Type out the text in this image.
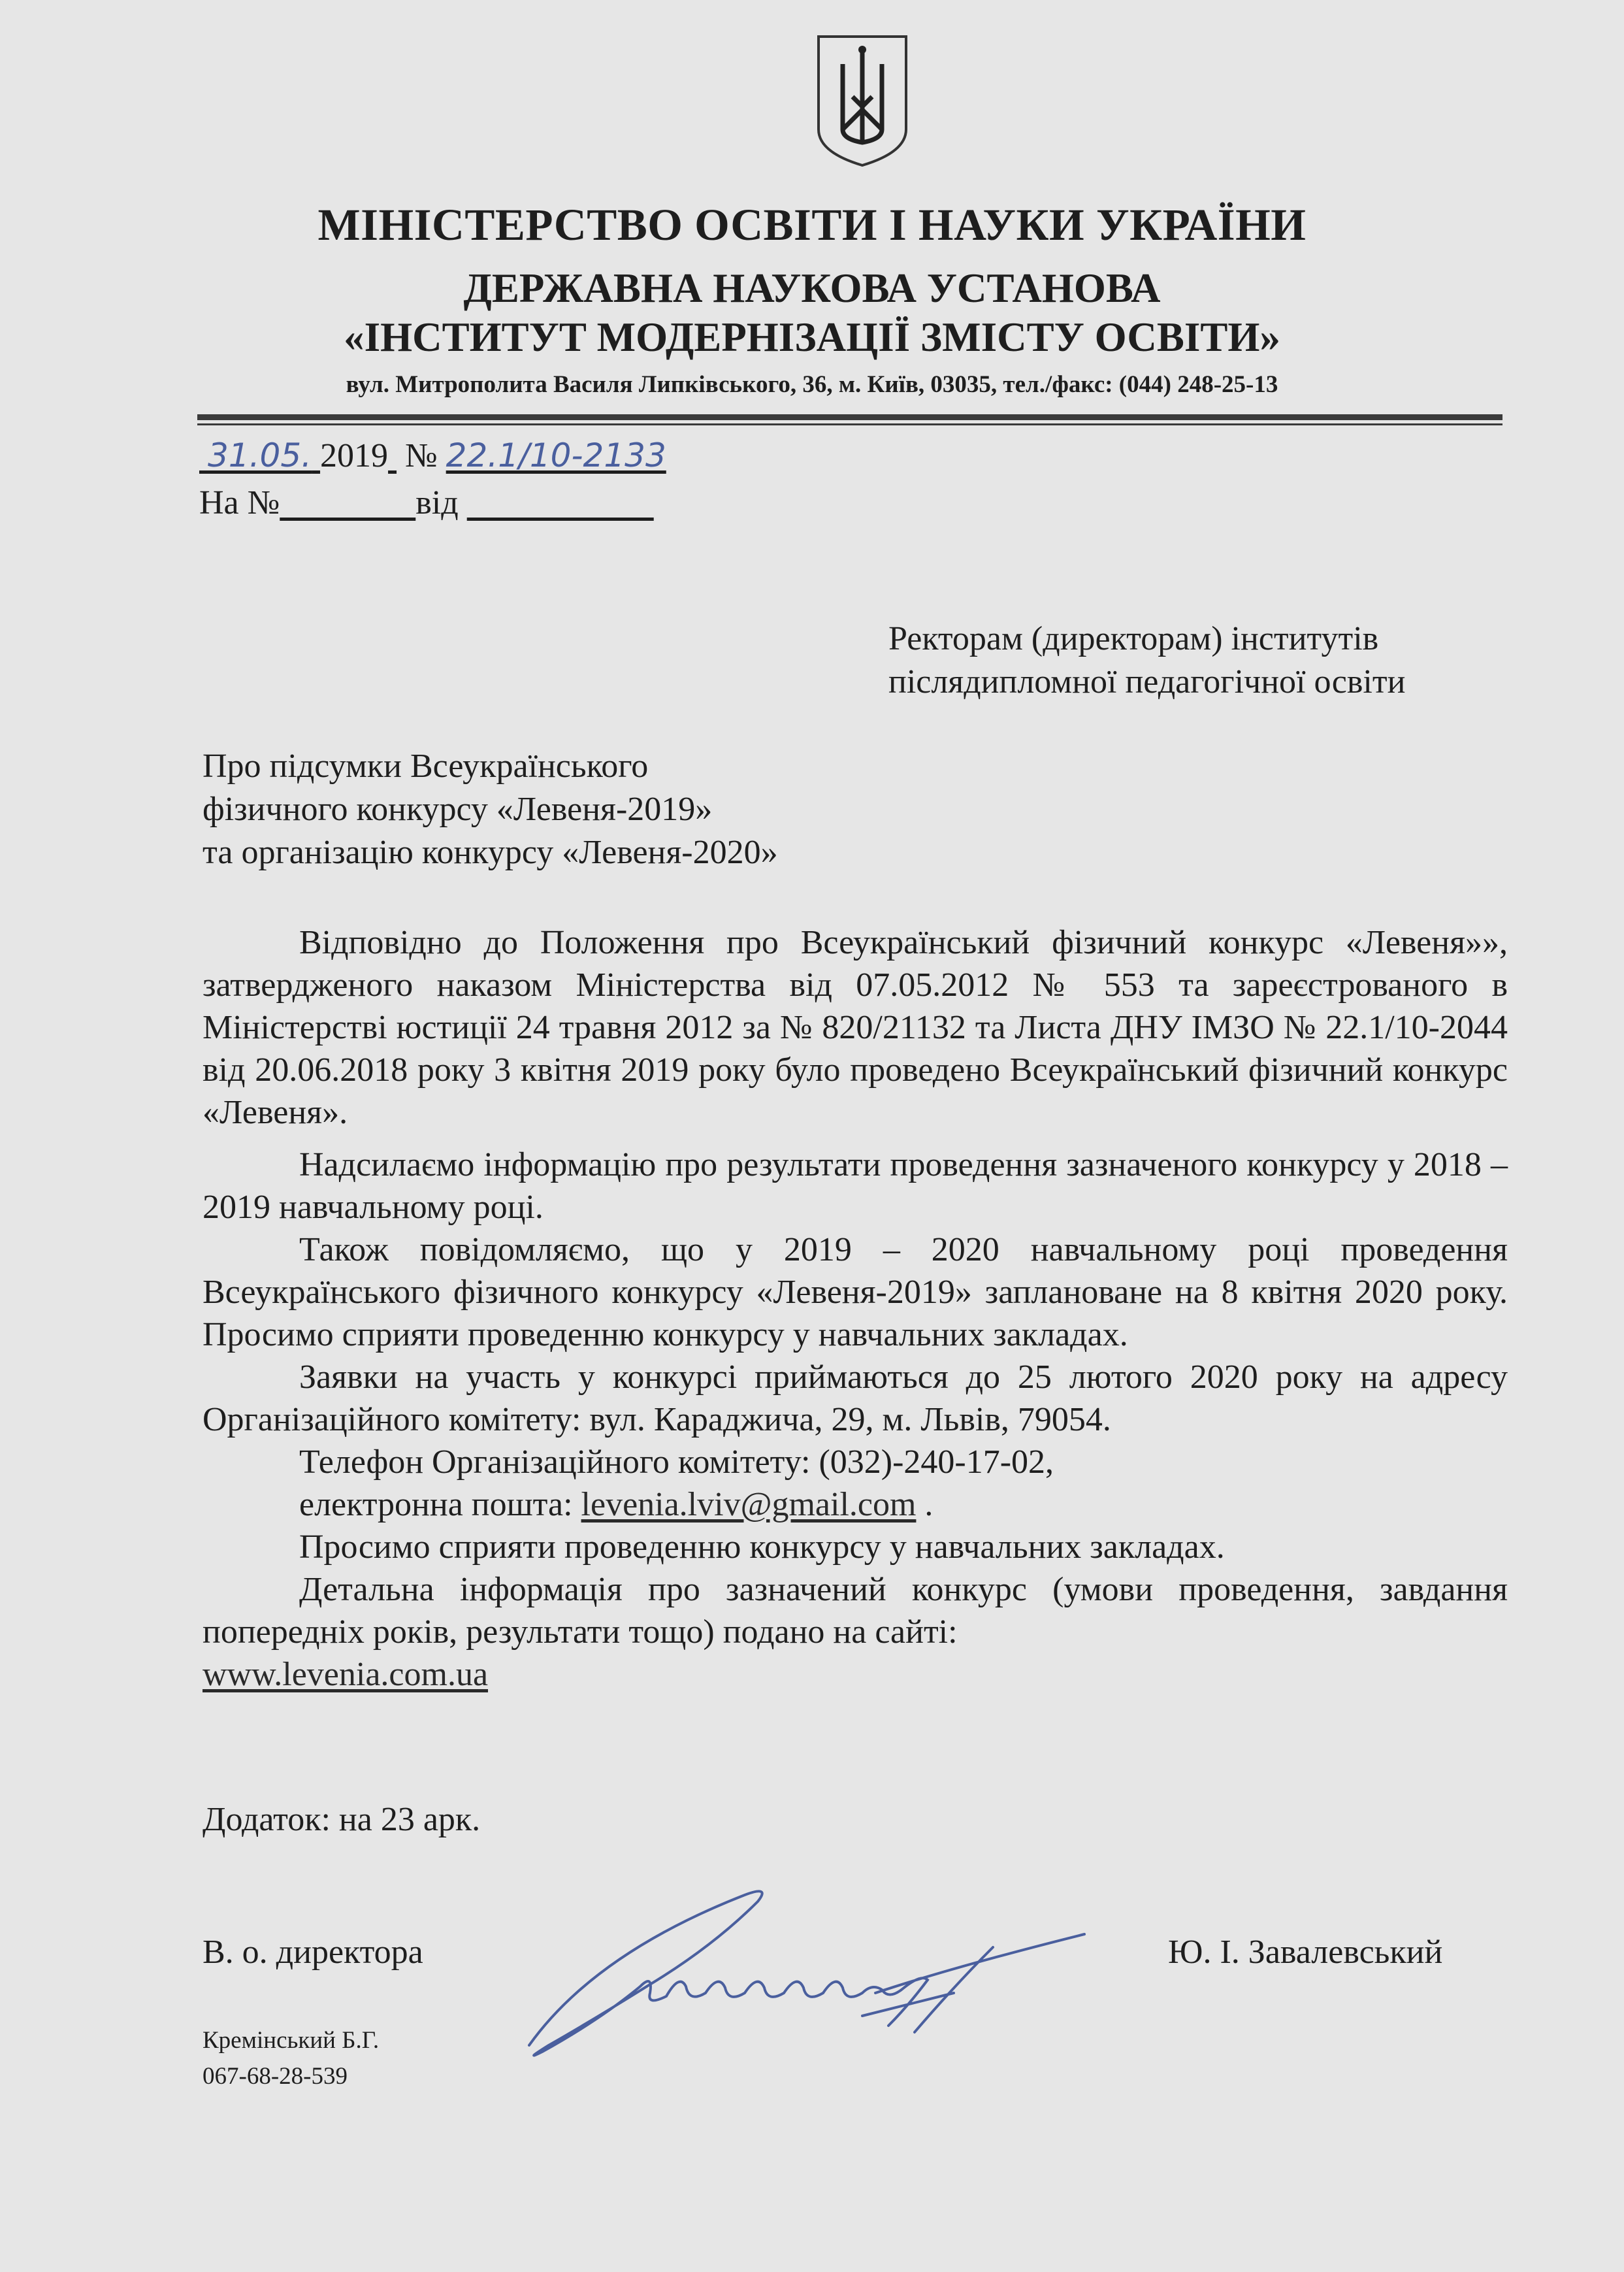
МІНІСТЕРСТВО ОСВІТИ І НАУКИ УКРАЇНИ
ДЕРЖАВНА НАУКОВА УСТАНОВА
«ІНСТИТУТ МОДЕРНІЗАЦІЇ ЗМІСТУ ОСВІТИ»
вул. Митрополита Василя Липківського, 36, м. Київ, 03035, тел./факс: (044) 248-25-13
31.05. 2019 № 22.1/10-2133
На №	від
Ректорам (директорам) інститутів
післядипломної педагогічної освіти
Про підсумки Всеукраїнського
фізичного конкурсу «Левеня-2019»
та організацію конкурсу «Левеня-2020»
Відповідно до Положення про Всеукраїнський фізичний конкурс «Левеня»», затвердженого наказом Міністерства від 07.05.2012 № 553 та зареєстрованого в Міністерстві юстиції 24 травня 2012 за № 820/21132 та Листа ДНУ ІМЗО № 22.1/10-2044 від 20.06.2018 року 3 квітня 2019 року було проведено Всеукраїнський фізичний конкурс «Левеня».
Надсилаємо інформацію про результати проведення зазначеного конкурсу у 2018 – 2019 навчальному році.
Також повідомляємо, що у 2019 – 2020 навчальному році проведення Всеукраїнського фізичного конкурсу «Левеня-2019» заплановане на 8 квітня 2020 року. Просимо сприяти проведенню конкурсу у навчальних закладах.
Заявки на участь у конкурсі приймаються до 25 лютого 2020 року на адресу Організаційного комітету: вул. Караджича, 29, м. Львів, 79054.
Телефон Організаційного комітету: (032)-240-17-02,
електронна пошта: levenia.lviv@gmail.com .
Просимо сприяти проведенню конкурсу у навчальних закладах.
Детальна інформація про зазначений конкурс (умови проведення, завдання попередніх років, результати тощо) подано на сайті:
www.levenia.com.ua
Додаток: на 23 арк.
В. о. директора	Ю. І. Завалевський
Кремінський Б.Г.
067-68-28-539
